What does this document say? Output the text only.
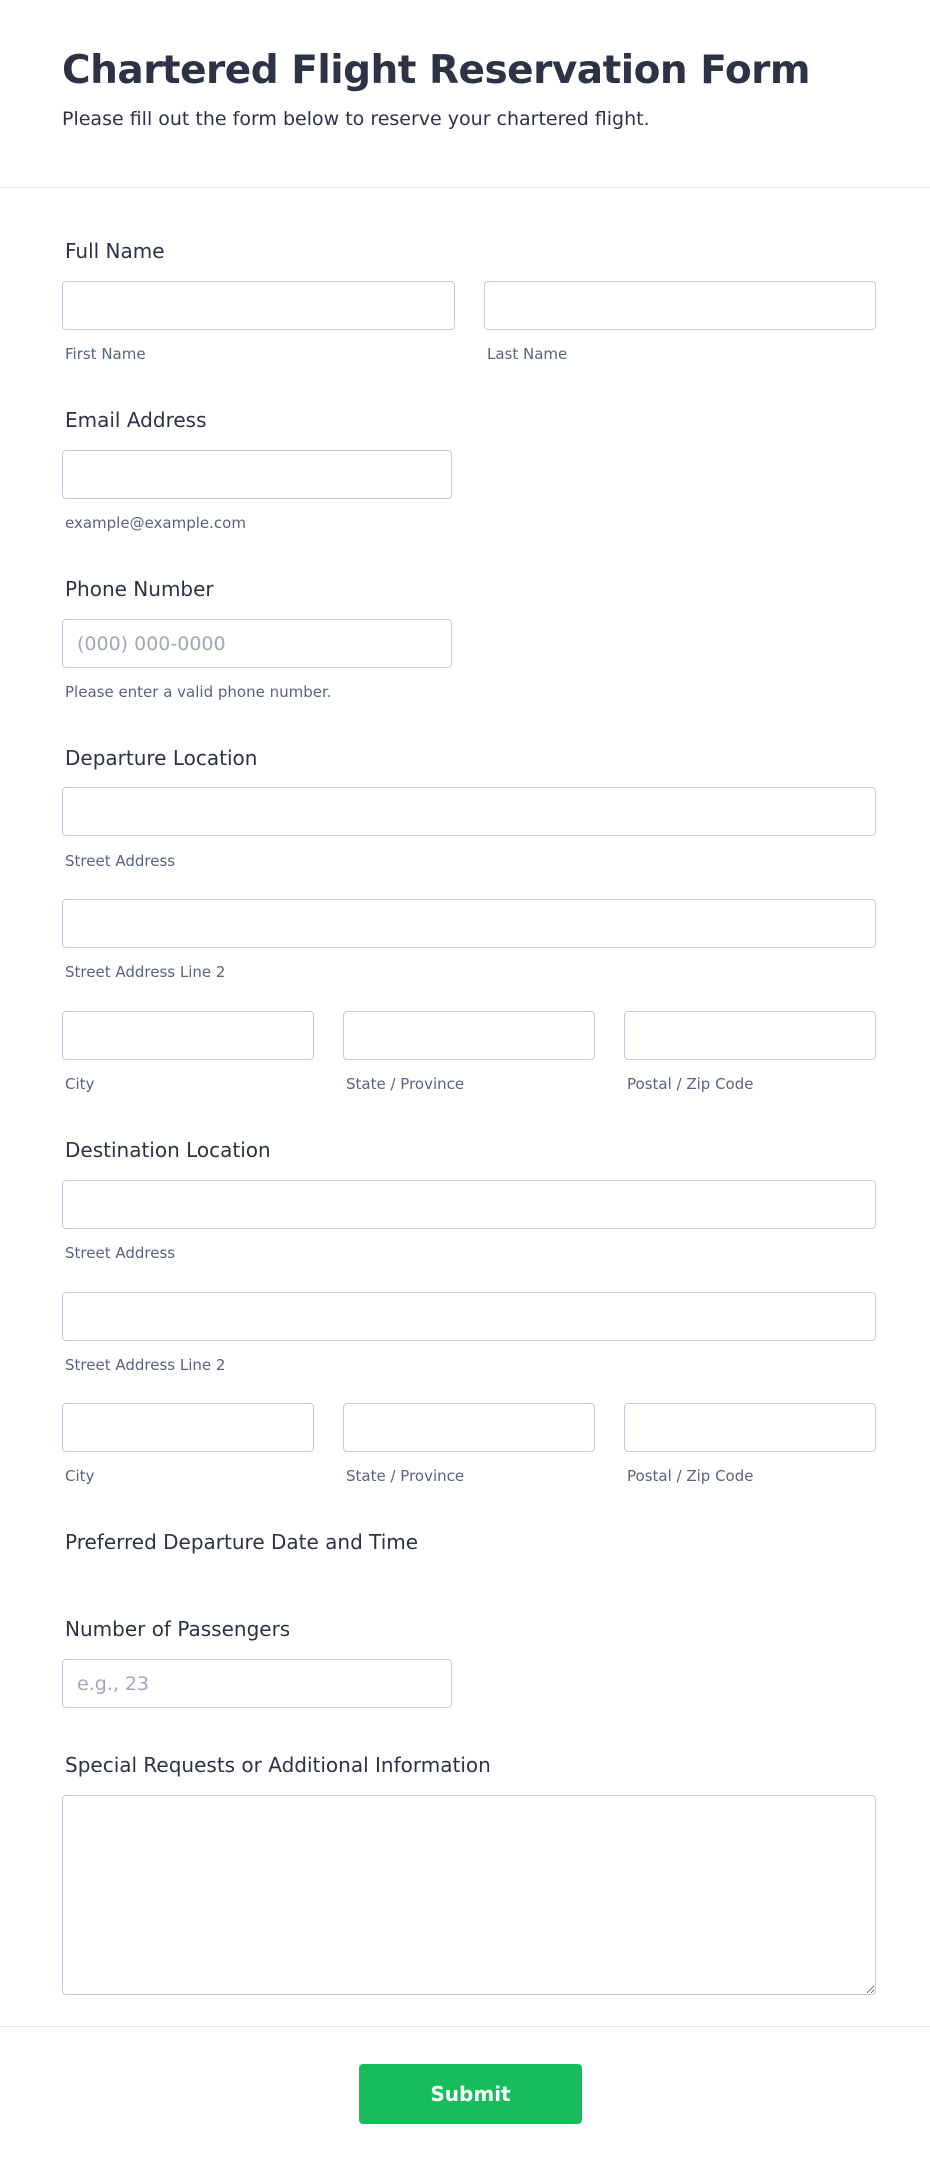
Chartered Flight Reservation Form
Please fill out the form below to reserve your chartered flight.
Full Name
First Name	Last Name
Email Address
example@example.com
Phone Number
(000) 000-0000
Please enter a valid phone number.
Departure Location
Street Address
Street Address Line 2
City	State / Province	Postal / Zip Code
Destination Location
Street Address
Street Address Line 2
City	State / Province	Postal / Zip Code
Preferred Departure Date and Time
Number of Passengers
e.g., 23
Special Requests or Additional Information
Submit
